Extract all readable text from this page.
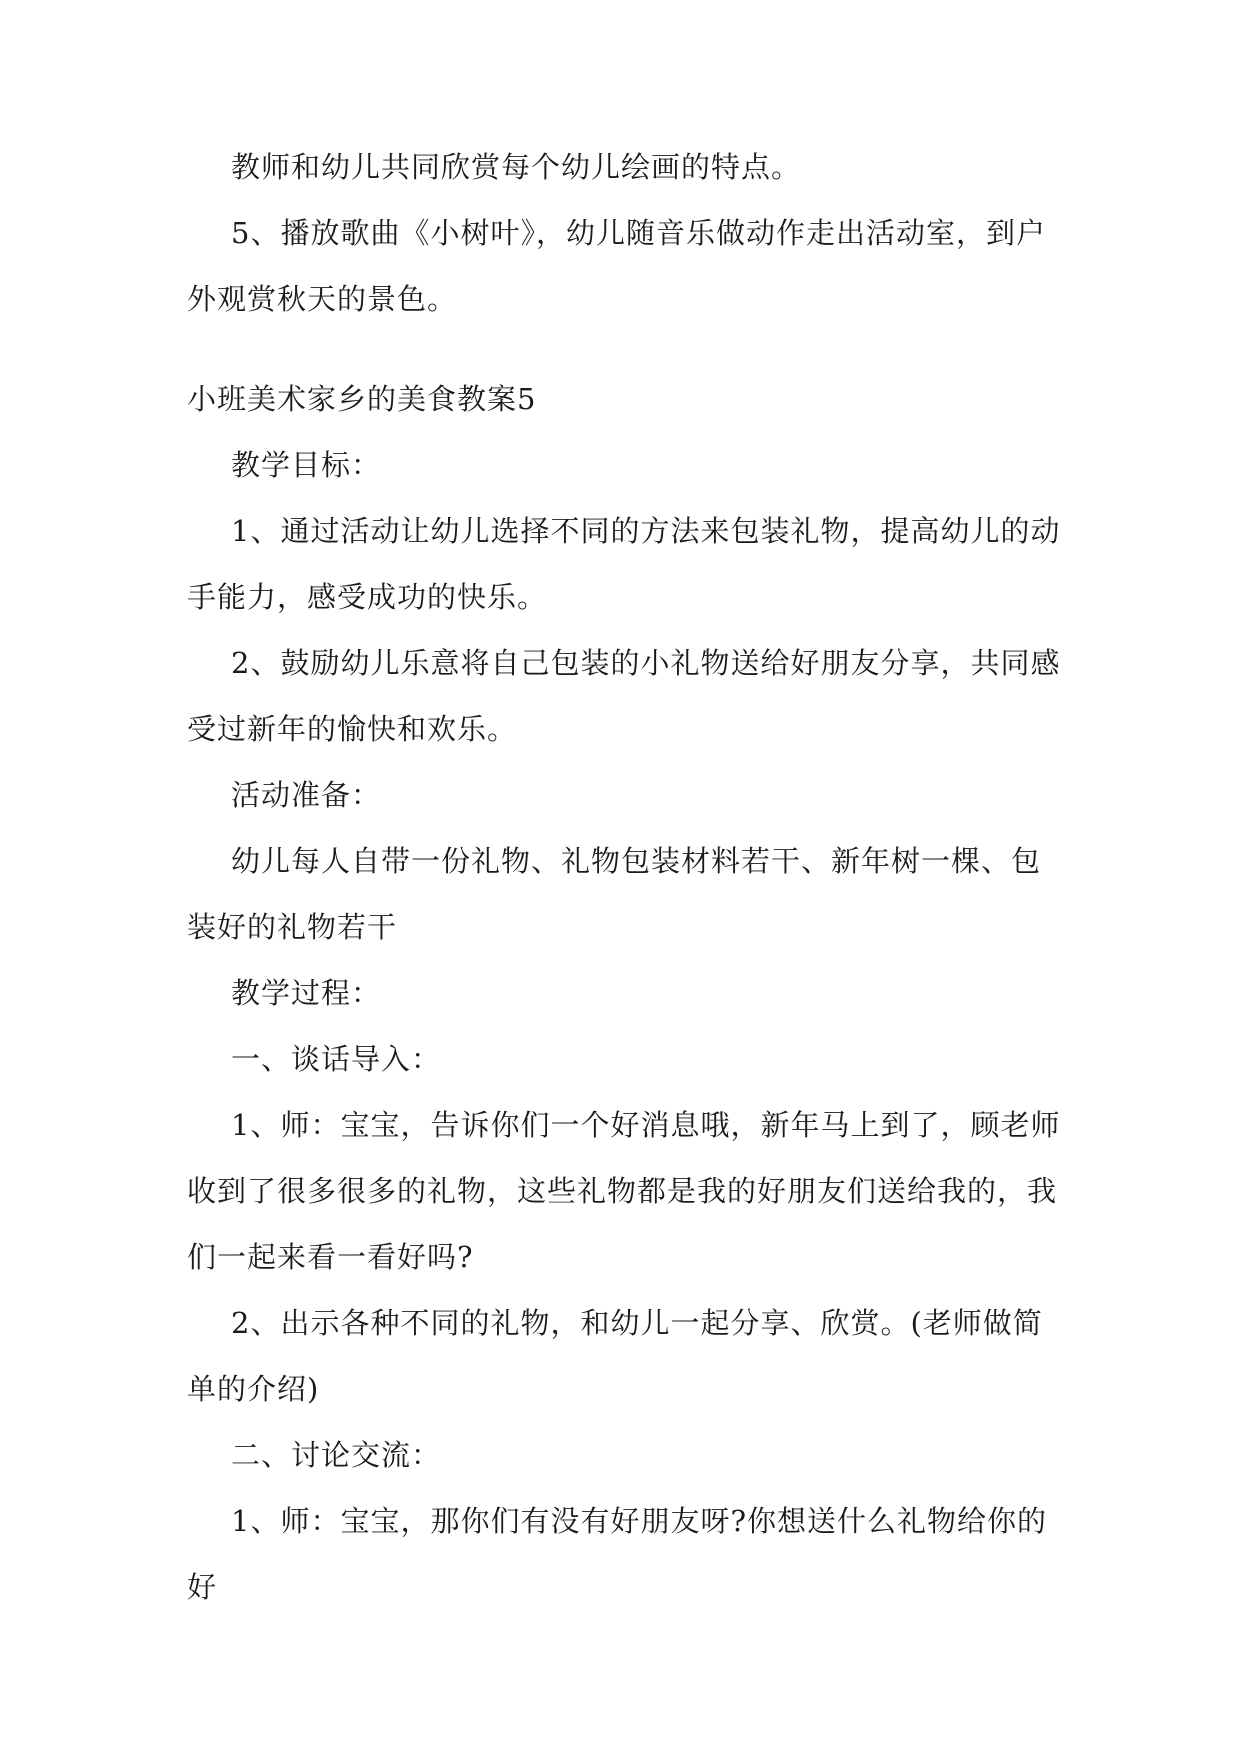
教师和幼儿共同欣赏每个幼儿绘画的特点。

5、播放歌曲《小树叶》，幼儿随音乐做动作走出活动室，到户外观赏秋天的景色。

小班美术家乡的美食教案5

教学目标：

1、通过活动让幼儿选择不同的方法来包装礼物，提高幼儿的动手能力，感受成功的快乐。

2、鼓励幼儿乐意将自己包装的小礼物送给好朋友分享，共同感受过新年的愉快和欢乐。

活动准备：

幼儿每人自带一份礼物、礼物包装材料若干、新年树一棵、包装好的礼物若干

教学过程：

一、谈话导入：

1、师：宝宝，告诉你们一个好消息哦，新年马上到了，顾老师收到了很多很多的礼物，这些礼物都是我的好朋友们送给我的，我们一起来看一看好吗?

2、出示各种不同的礼物，和幼儿一起分享、欣赏。(老师做简单的介绍)

二、讨论交流：

1、师：宝宝，那你们有没有好朋友呀?你想送什么礼物给你的好
